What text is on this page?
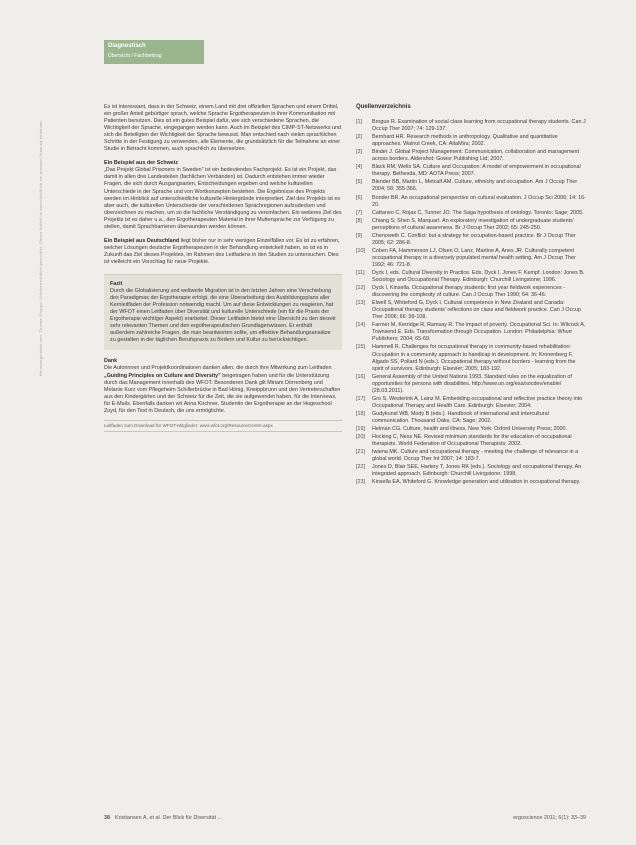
Heruntergeladen von: Thieme Gruppe. Urheberrechtlich geschützt. Dieser Artikel ist ausschließlich zur privaten Nutzung bestimmt.
Diagnostisch
Übersicht / Fachbeitrag

Es ist interessant, dass in der Schweiz, einem Land mit drei offiziellen Sprachen und einem Drittel, ein großer Anteil gebürtiger sprach, welche Sprache Ergotherapeuten in ihrer Kommunikation mit Patienten benutzen. Dies ist ein gutes Beispiel dafür, wie sich verschiedene Sprachen, die Wichtigkeit der Sprache, eingegangen werden kann. Auch im Beispiel des CIMP-ST-Netzwerks und sich die Beteiligten der Wichtigkeit der Sprache bewusst. Man entschied nach vielen sprachlichen Schritte in der Festigung zu verwenden, alle Elemente, die grundsätzlich für die Teilnahme an einer Studie in Betracht kommen, auch sprachlich zu übersetzen.

Ein Beispiel aus der Schweiz

„Das Projekt Global Prisoners in Sweden" ist ein bedeutendes Fachprojekt. Es ist ein Projekt, das damit in allen drei Landesteilen (fachlichen Verbänden) ist. Dadurch entstehen immer wieder Fragen, die sich durch Ausgangsarten, Entscheidungen ergeben und welche kulturellen Unterschiede in der Sprache und von Wortkonzepten bestehen. Die Ergebnisse des Projekts werden im Hinblick auf unterschiedliche kulturelle Hintergründe interpretiert. Ziel des Projekts ist es aber auch, die kulturellen Unterschiede der verschiedenen Sprachregionen aufzudecken und überzeichnen zu machen, um so die fachliche Verständigung zu vereinfachen. Ein weiteres Ziel des Projekts ist es daher u.a., den Ergotherapeuten Material in ihrer Muttersprache zur Verfügung zu stellen, damit Sprachbarrieren überwunden werden können.

Ein Beispiel aus Deutschland liegt bisher nur in sehr wenigen Einzelfällen vor. Es ist zu erfahren, welcher Lösungen deutsche Ergotherapeuten in der Behandlung entwickelt haben, so ist es in Zukunft das Ziel dieses Projektes, im Rahmen des Leitfadens in den Studien zu untersuchen. Dies ist vielleicht ein Vorschlag für neue Projekte.

Fazit
Durch die Globalisierung und weltweite Migration ist in den letzten Jahren eine Verschiebung des Paradigmas der Ergotherapie erfolgt, die eine Überarbeitung des Ausbildungsplans aller Kernleitfäden der Profession notwendig macht. Um auf diese Entwicklungen zu reagieren, hat der WFOT einen Leitfaden über Diversität und kulturelle Unterschiede (ein für die Praxis der Ergotherapie wichtiger Aspekt) erarbeitet. Dieser Leitfaden bietet eine Übersicht zu den derzeit sehr relevanten Themen und den ergotherapeutischen Grundlagenwissen. Er enthält außerdem zahlreiche Fragen, die man beantworten sollte, um effektive Behandlungsansätze zu gestalten in der täglichen Berufspraxis zu fördern und Kultur zu berücksichtigen.

Dank

Die Autorinnen und Projektkoordinatoren danken allen, die durch ihre Mitwirkung zum Leitfaden „Guiding Principles on Culture and Diversity" beigetragen haben und für die Unterstützung durch das Management innerhalb des WFOT. Besonderen Dank gilt Miriam Dörrenberg und Melanie Kurz vom Pflegeheim Schillerbrücke in Bad Hönig, Kneippbrunn und den Vertreterschaften aus den Kindergärten und der Schweiz für die Zeit, die sie aufgewendet haben, für die Interviews, für E-Mails. Ebenfalls danken wir Anna Kirchner, Studentin der Ergotherapie an der Hogeschool Zuyd, für den Text in Deutsch, die uns ermöglichte.

Leitfaden zum Download für WFOT-Mitglieder: www.wfot.org/ResourceCentre.aspx
Quellenverzeichnis
[1] Brogue R. Examination of social class learning from occupational therapy students. Can J Occup Ther 2007; 74: 129-137.
[2] Bernhard HR. Research methods in anthropology. Qualitative and quantitative approaches. Walnut Creek, CA: AltaMira; 2002.
[3] Binder J. Global Project Management: Communication, collaboration and management across borders. Aldershot: Gower Publishing Ltd; 2007.
[4] Black RM, Wells SA. Culture and Occupation: A model of empowerment in occupational therapy. Bethesda, MD: AOTA Press; 2007.
[5] Blender BB, Martin L, Metcalf AM. Culture, ethnicity and occupation. Am J Occup Ther 2004; 58: 355-366.
[6] Bonder BR. An occupational perspective on cultural evaluation. J Occup Sci 2006; 14: 16-20.
[7] Cattaneo C, Rojas C, Tunner JO. The Saga hypothesis of ontology. Toronto: Sage; 2005.
[8] Chiang S, Shen S, Marquart. An exploratory investigation of undergraduate students' perceptions of cultural awareness. Br J Occup Ther 2002; 65: 245-250.
[9] Chenoweth C. Conflict: but a strategy for occupation-based practice. Br J Occup Ther 2005; 62: 286-8.
[10] Coben FA, Hammerson LJ, Olsen O, Lanz, Martine A, Anes JR. Culturally competent occupational therapy in a diversely populated mental health setting. Am J Occup Ther 1992; 46: 721-8.
[11] Dyck I, eds. Cultural Diversity in Practice. Eds. Dyck I, Jones F. Kempf. London: Jones B. Sociology and Occupational Therapy. Edinburgh: Churchill Livingstone; 1996.
[12] Dyck I, Kinsella. Occupational therapy students: first year fieldwork experiences - discovering the complexity of culture. Can J Occup Ther 1990; 64: 36-46.
[13] Elwell S, Whiteford G, Dyck I. Cultural competence in New Zealand and Canada: Occupational therapy students' reflections on class and fieldwork practice. Can J Occup Ther 2006; 66: 99-108.
[14] Farmer M, Kerridge R, Ramsay R. The impact of poverty. Occupational Sci. In: Wilcock A, Townsend E. Eds. Transformation through Occupation. London: Philadelphia: Whurr Publishers; 2004; 65-69.
[15] Hammell R. Challenges for occupational therapy in community-based rehabilitation: Occupation in a community approach to handicap in development. In: Kronenberg F, Algado SS, Pollard N (eds.). Occupational therapy without borders - learning from the spirit of survivors. Edinburgh: Elsevier; 2005; 183-192.
[16] General Assembly of the United Nations 1993. Standard rules on the equalization of opportunities for persons with disabilities. http://www.un.org/esa/socdev/enable/ (28.03.2011).
[17] Gro S, Westerink A, Lainz M. Embedding occupational and reflective practice theory into Occupational Therapy and Health Care. Edinburgh: Elsevier; 2004.
[18] Gudykunst WB, Mody B (eds.). Handbook of international and intercultural communication. Thousand Oaks, CA: Sage; 2002.
[19] Helman CG. Culture, health and illness. New York: Oxford University Press; 2000.
[20] Hocking C, Ness NE. Revised minimum standards for the education of occupational therapists. World Federation of Occupational Therapists; 2002.
[21] Iwama MK. Culture and occupational therapy - meeting the challenge of relevance in a global world. Occup Ther Int 2007; 14: 183-7.
[22] Jones D, Blair SEE, Hartery T, Jones RK (eds.). Sociology and occupational therapy. An integrated approach. Edinburgh: Churchill Livingstone; 1998.
[23] Kinsella EA, Whiteford G. Knowledge generation and utilisation in occupational therapy.
38 Kristiansen A, et al. Der Blick für Diversität ...	ergoscience 2011; 6(1): 33–39
